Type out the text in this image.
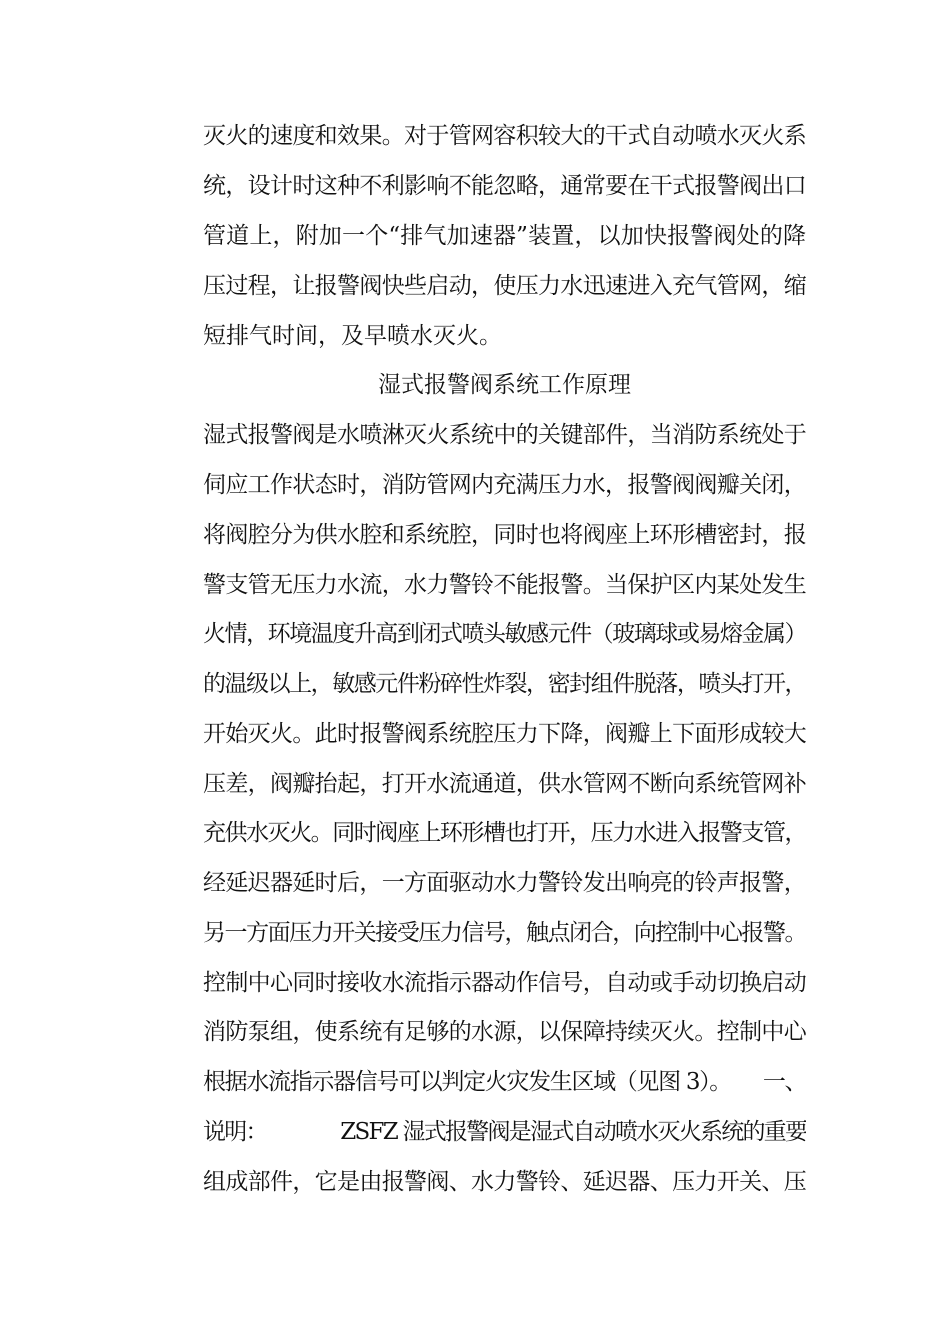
灭火的速度和效果。对于管网容积较大的干式自动喷水灭火系
统，设计时这种不利影响不能忽略，通常要在干式报警阀出口
管道上，附加一个“排气加速器”装置，以加快报警阀处的降
压过程，让报警阀快些启动，使压力水迅速进入充气管网，缩
短排气时间，及早喷水灭火。
湿式报警阀系统工作原理
湿式报警阀是水喷淋灭火系统中的关键部件，当消防系统处于
伺应工作状态时，消防管网内充满压力水，报警阀阀瓣关闭，
将阀腔分为供水腔和系统腔，同时也将阀座上环形槽密封，报
警支管无压力水流，水力警铃不能报警。当保护区内某处发生
火情，环境温度升高到闭式喷头敏感元件（玻璃球或易熔金属）
的温级以上，敏感元件粉碎性炸裂，密封组件脱落，喷头打开，
开始灭火。此时报警阀系统腔压力下降，阀瓣上下面形成较大
压差，阀瓣抬起，打开水流通道，供水管网不断向系统管网补
充供水灭火。同时阀座上环形槽也打开，压力水进入报警支管，
经延迟器延时后，一方面驱动水力警铃发出响亮的铃声报警，
另一方面压力开关接受压力信号，触点闭合，向控制中心报警。
控制中心同时接收水流指示器动作信号，自动或手动切换启动
消防泵组，使系统有足够的水源，以保障持续灭火。控制中心
根据水流指示器信号可以判定火灾发生区域（见图 3）。　　一、
说明：　　　　ZSFZ 湿式报警阀是湿式自动喷水灭火系统的重要
组成部件，它是由报警阀、水力警铃、延迟器、压力开关、压
